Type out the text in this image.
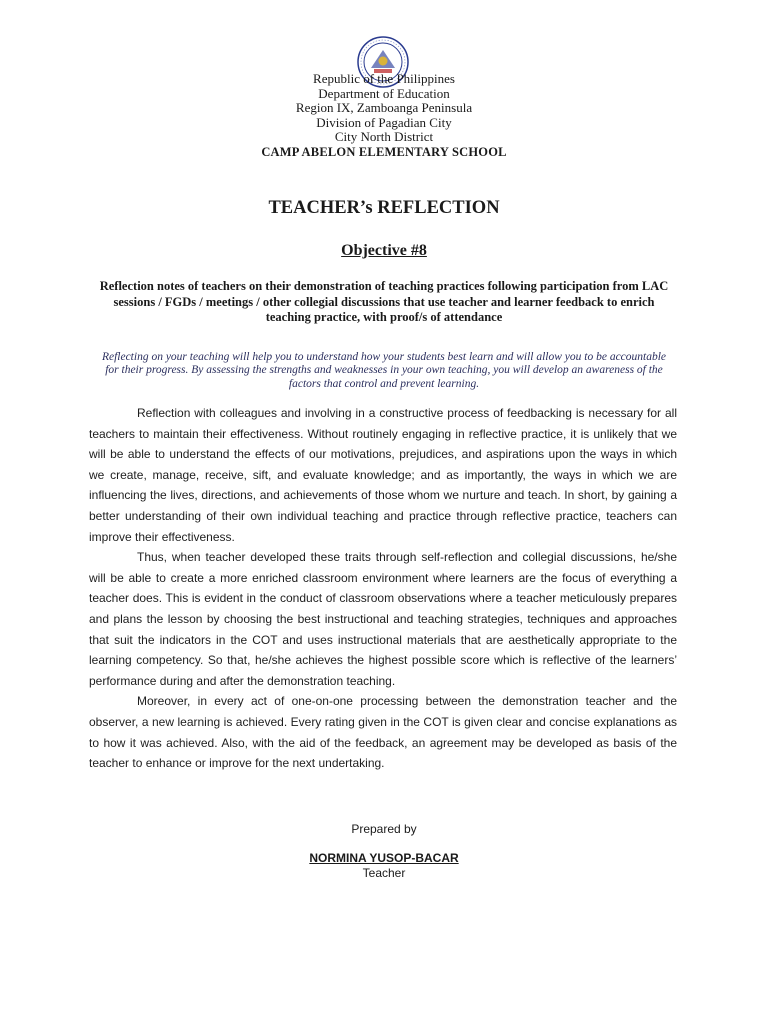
Republic of the Philippines
Department of Education
Region IX, Zamboanga Peninsula
Division of Pagadian City
City North District
CAMP ABELON ELEMENTARY SCHOOL
TEACHER’s REFLECTION
Objective #8
Reflection notes of teachers on their demonstration of teaching practices following participation from LAC sessions / FGDs / meetings / other collegial discussions that use teacher and learner feedback to enrich teaching practice, with proof/s of attendance
Reflecting on your teaching will help you to understand how your students best learn and will allow you to be accountable for their progress. By assessing the strengths and weaknesses in your own teaching, you will develop an awareness of the factors that control and prevent learning.

Reflection with colleagues and involving in a constructive process of feedbacking is necessary for all teachers to maintain their effectiveness. Without routinely engaging in reflective practice, it is unlikely that we will be able to understand the effects of our motivations, prejudices, and aspirations upon the ways in which we create, manage, receive, sift, and evaluate knowledge; and as importantly, the ways in which we are influencing the lives, directions, and achievements of those whom we nurture and teach. In short, by gaining a better understanding of their own individual teaching and practice through reflective practice, teachers can improve their effectiveness.

Thus, when teacher developed these traits through self-reflection and collegial discussions, he/she will be able to create a more enriched classroom environment where learners are the focus of everything a teacher does. This is evident in the conduct of classroom observations where a teacher meticulously prepares and plans the lesson by choosing the best instructional and teaching strategies, techniques and approaches that suit the indicators in the COT and uses instructional materials that are aesthetically appropriate to the learning competency. So that, he/she achieves the highest possible score which is reflective of the learners’ performance during and after the demonstration teaching.

Moreover, in every act of one-on-one processing between the demonstration teacher and the observer, a new learning is achieved. Every rating given in the COT is given clear and concise explanations as to how it was achieved. Also, with the aid of the feedback, an agreement may be developed as basis of the teacher to enhance or improve for the next undertaking.

Prepared by
NORMINA YUSOP-BACAR
Teacher
